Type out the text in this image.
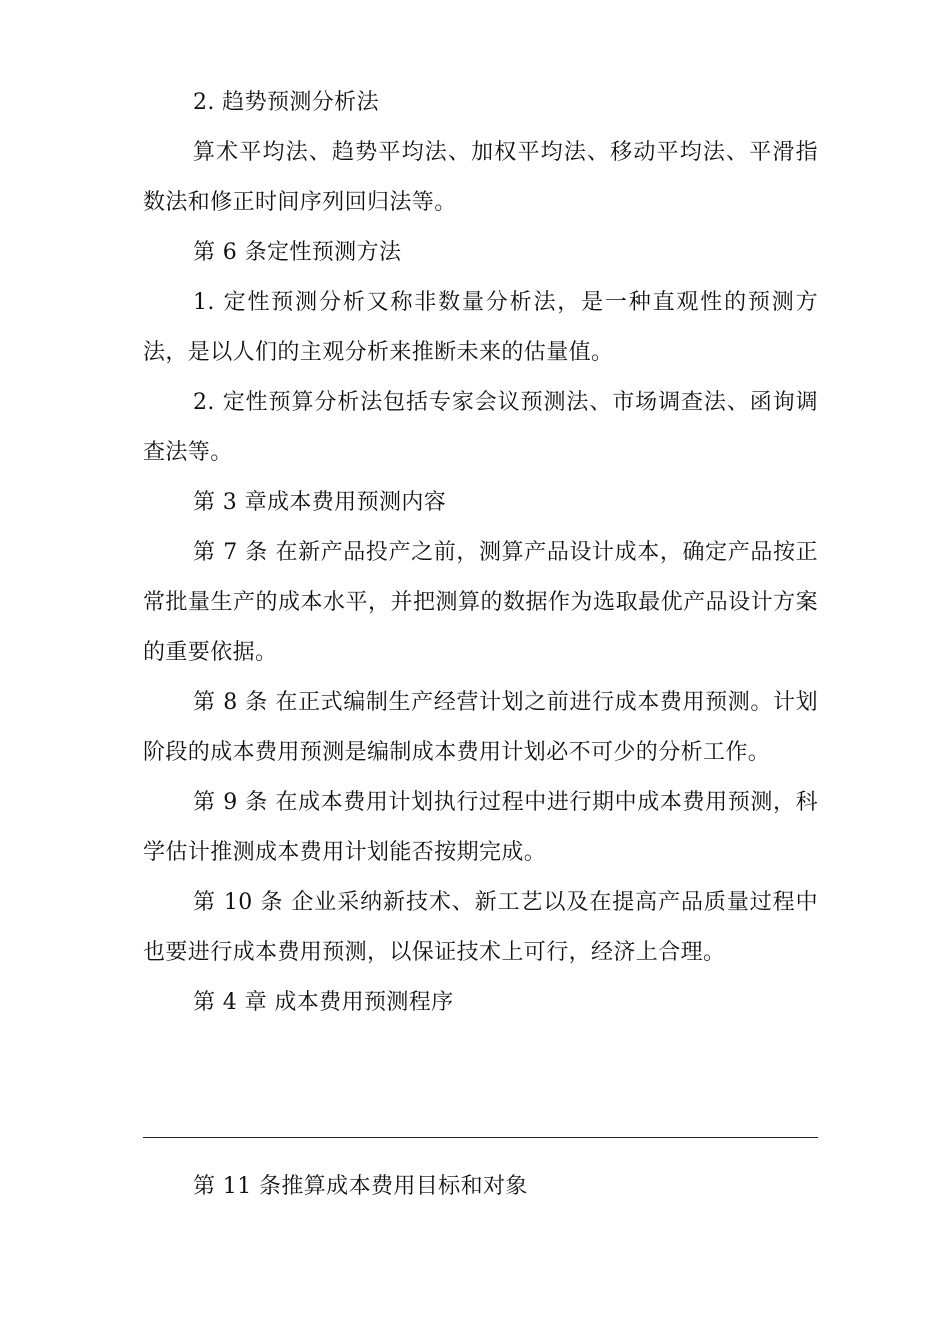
2. 趋势预测分析法

算术平均法、趋势平均法、加权平均法、移动平均法、平滑指数法和修正时间序列回归法等。

第 6 条定性预测方法

1. 定性预测分析又称非数量分析法，是一种直观性的预测方法，是以人们的主观分析来推断未来的估量值。

2. 定性预算分析法包括专家会议预测法、市场调查法、函询调查法等。

第 3 章成本费用预测内容

第 7 条 在新产品投产之前，测算产品设计成本，确定产品按正常批量生产的成本水平，并把测算的数据作为选取最优产品设计方案的重要依据。

第 8 条 在正式编制生产经营计划之前进行成本费用预测。计划阶段的成本费用预测是编制成本费用计划必不可少的分析工作。

第 9 条 在成本费用计划执行过程中进行期中成本费用预测，科学估计推测成本费用计划能否按期完成。

第 10 条 企业采纳新技术、新工艺以及在提高产品质量过程中也要进行成本费用预测，以保证技术上可行，经济上合理。

第 4 章 成本费用预测程序

第 11 条推算成本费用目标和对象
